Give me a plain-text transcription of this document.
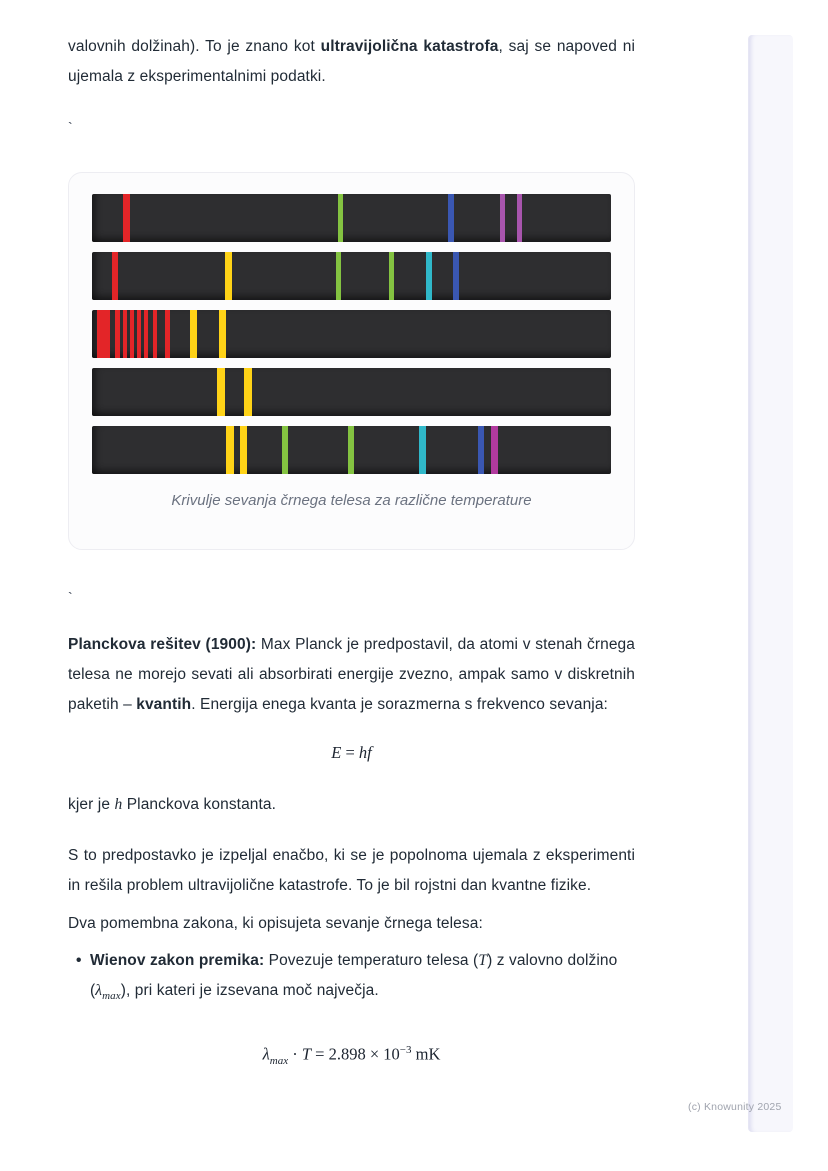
valovnih dolžinah). To je znano kot ultravijolična katastrofa, saj se napoved ni ujemala z eksperimentalnimi podatki.

`
Krivulje sevanja črnega telesa za različne temperature
`

Planckova rešitev (1900): Max Planck je predpostavil, da atomi v stenah črnega telesa ne morejo sevati ali absorbirati energije zvezno, ampak samo v diskretnih paketih – kvantih. Energija enega kvanta je sorazmerna s frekvenco sevanja:

E = hf

kjer je h Planckova konstanta.

S to predpostavko je izpeljal enačbo, ki se je popolnoma ujemala z eksperimenti in rešila problem ultravijolične katastrofe. To je bil rojstni dan kvantne fizike.

Dva pomembna zakona, ki opisujeta sevanje črnega telesa:

• Wienov zakon premika: Povezuje temperaturo telesa (T) z valovno dolžino $(\lambda_{max})$, pri kateri je izsevana moč največja.
$\lambda_{max} \cdot T = 2.898 \times 10^{-3}$ mK
(c) Knowunity 2025
